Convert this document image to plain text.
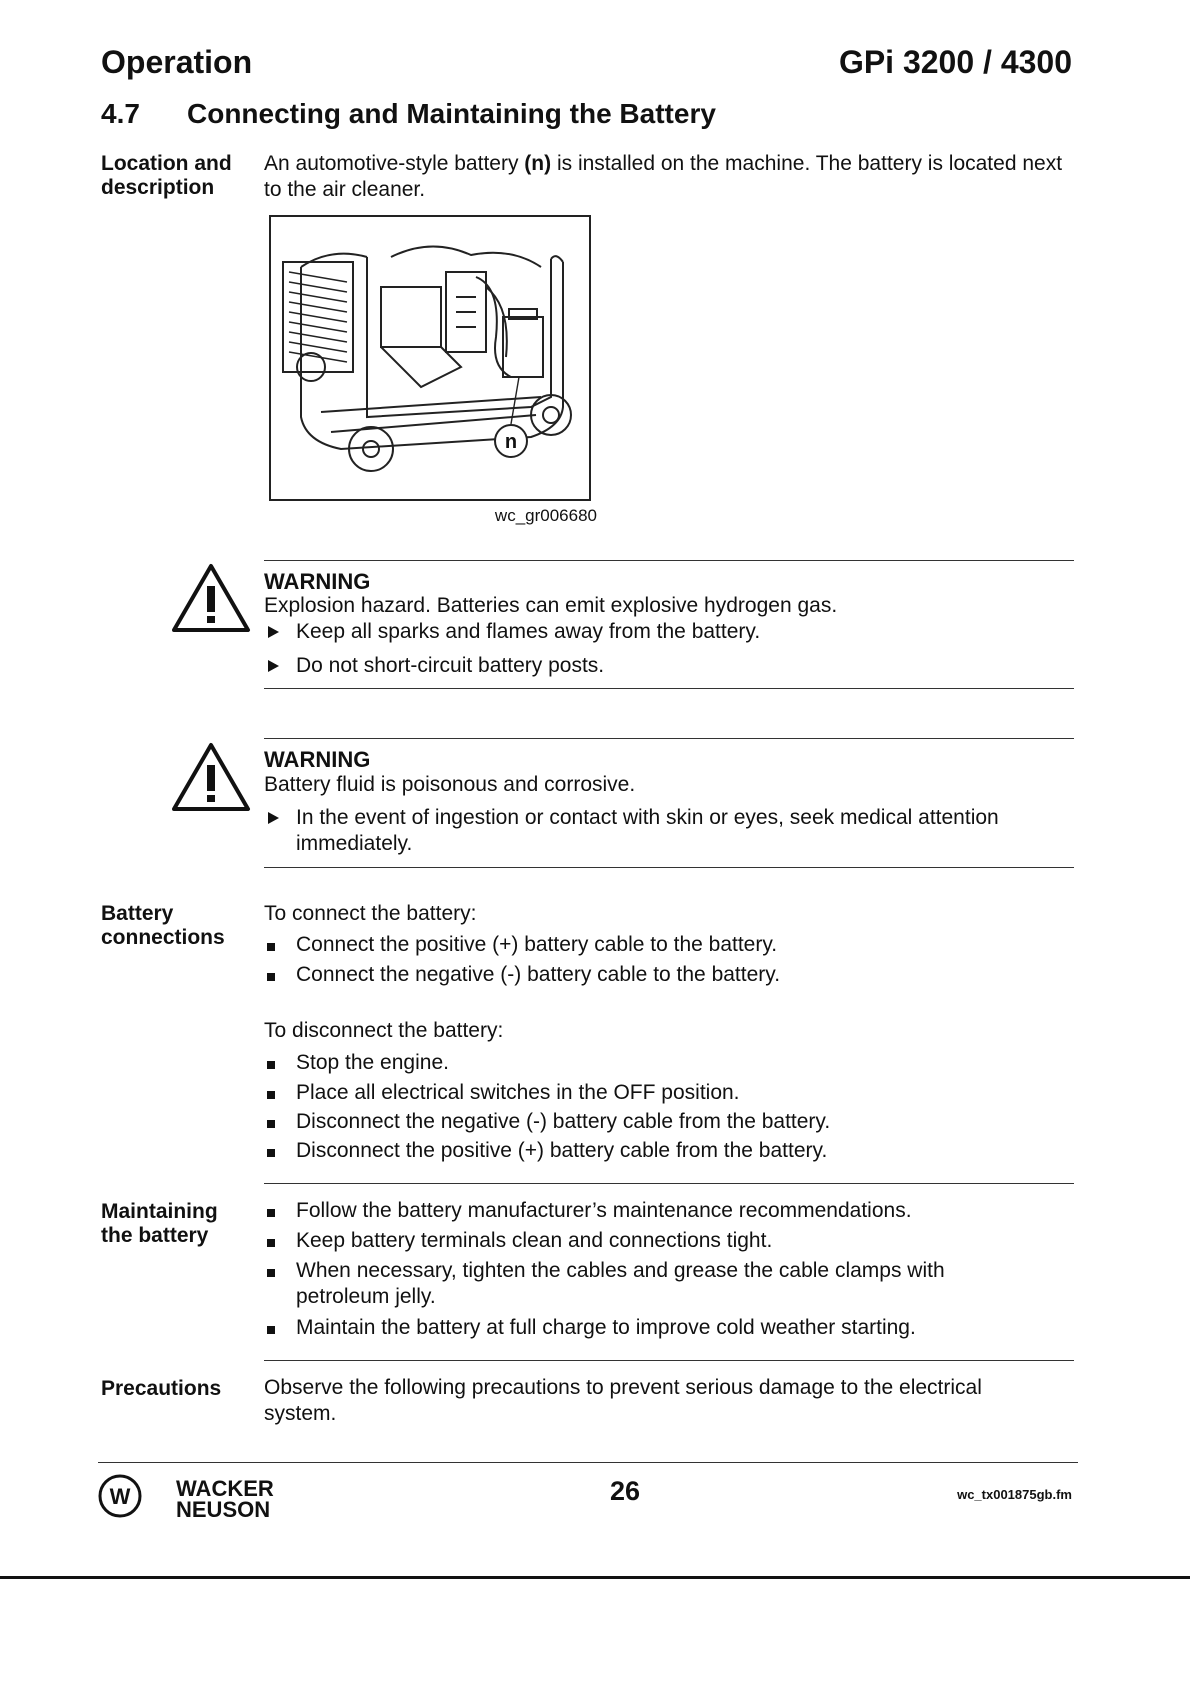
Operation	GPi 3200 / 4300
4.7 Connecting and Maintaining the Battery
Location and description
An automotive-style battery (n) is installed on the machine. The battery is located next to the air cleaner.
n
wc_gr006680
WARNING
Explosion hazard. Batteries can emit explosive hydrogen gas.
Keep all sparks and flames away from the battery.
Do not short-circuit battery posts.
WARNING
Battery fluid is poisonous and corrosive.
In the event of ingestion or contact with skin or eyes, seek medical attention immediately.
Battery connections
To connect the battery:
Connect the positive (+) battery cable to the battery.
Connect the negative (-) battery cable to the battery.
To disconnect the battery:
Stop the engine.
Place all electrical switches in the OFF position.
Disconnect the negative (-) battery cable from the battery.
Disconnect the positive (+) battery cable from the battery.
Maintaining the battery
Follow the battery manufacturer’s maintenance recommendations.
Keep battery terminals clean and connections tight.
When necessary, tighten the cables and grease the cable clamps with petroleum jelly.
Maintain the battery at full charge to improve cold weather starting.
Precautions	Observe the following precautions to prevent serious damage to the electrical system.
W WACKER
NEUSON
26	wc_tx001875gb.fm
